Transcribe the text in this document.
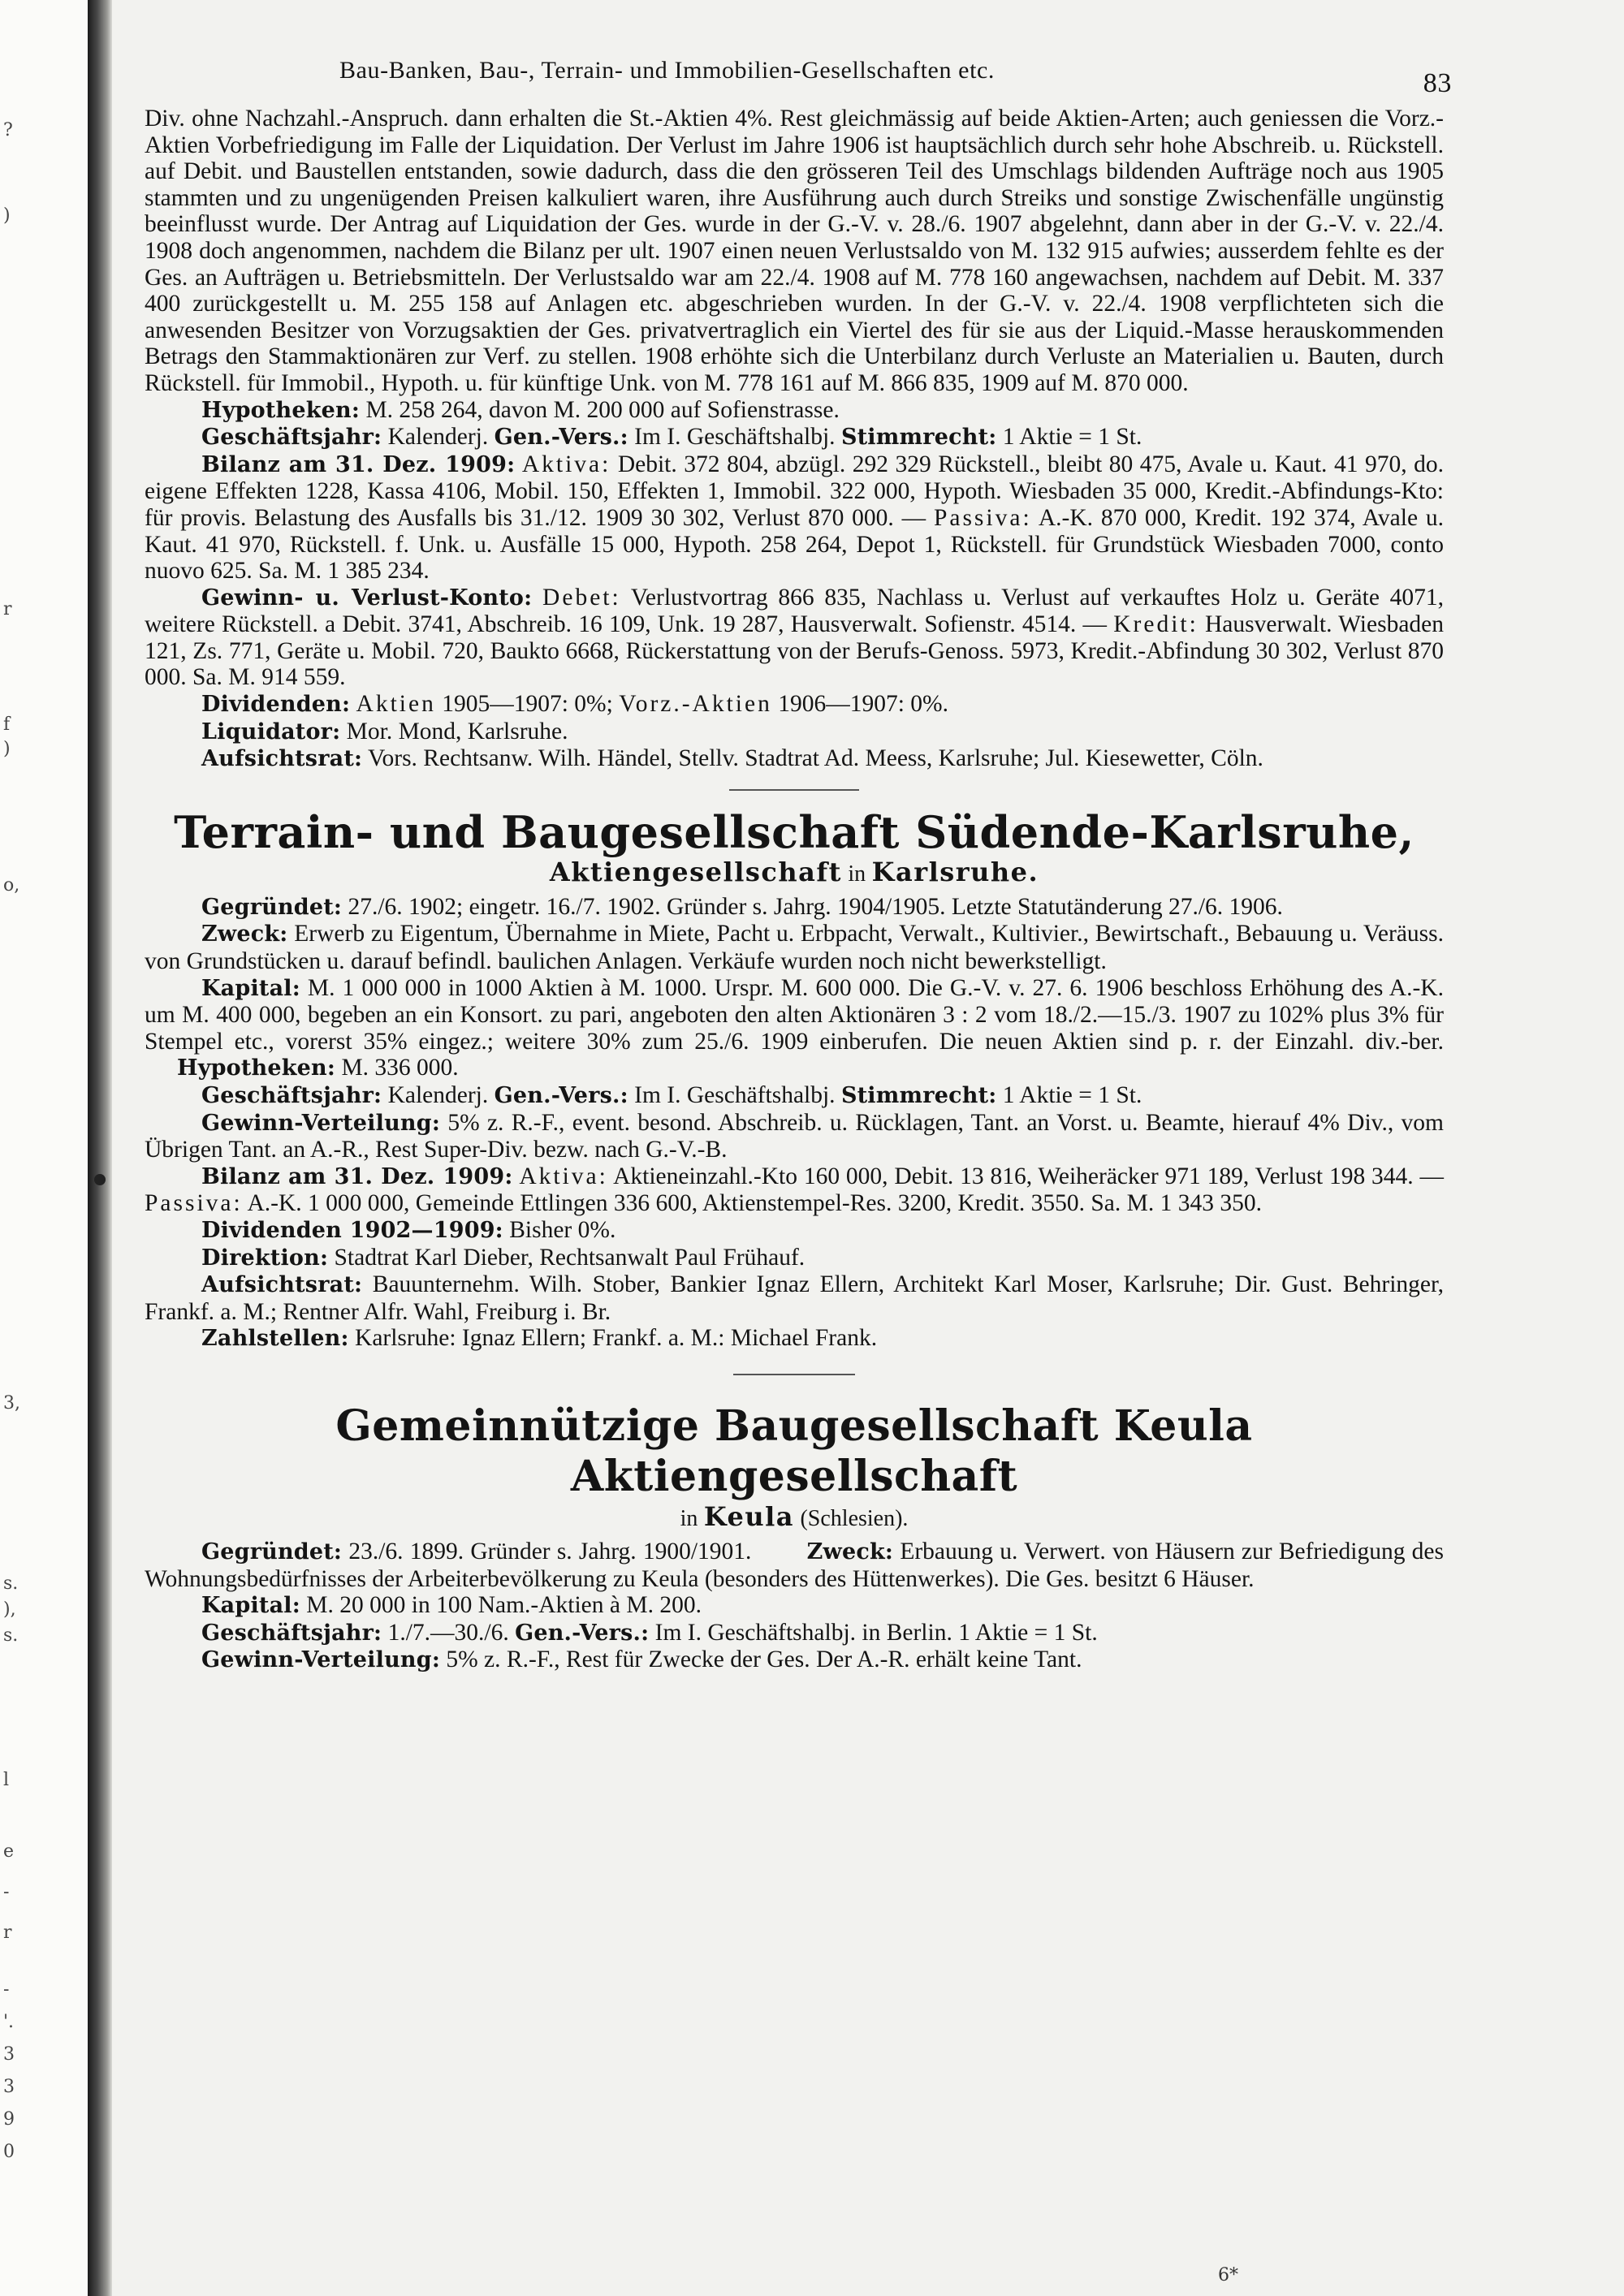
?
)
r
f
)
o,
3,
s.
),
s.
l
e
-
r
-
'.
3
3
9
0
Bau-Banken, Bau-, Terrain- und Immobilien-Gesellschaften etc.	83

Div. ohne Nachzahl.-Anspruch. dann erhalten die St.-Aktien 4%. Rest gleichmässig auf beide Aktien-Arten; auch geniessen die Vorz.-Aktien Vorbefriedigung im Falle der Liquidation. Der Verlust im Jahre 1906 ist hauptsächlich durch sehr hohe Abschreib. u. Rückstell. auf Debit. und Baustellen entstanden, sowie dadurch, dass die den grösseren Teil des Umschlags bildenden Aufträge noch aus 1905 stammten und zu ungenügenden Preisen kalkuliert waren, ihre Ausführung auch durch Streiks und sonstige Zwischenfälle ungünstig beeinflusst wurde. Der Antrag auf Liquidation der Ges. wurde in der G.-V. v. 28./6. 1907 abgelehnt, dann aber in der G.-V. v. 22./4. 1908 doch angenommen, nachdem die Bilanz per ult. 1907 einen neuen Verlustsaldo von M. 132 915 aufwies; ausserdem fehlte es der Ges. an Aufträgen u. Betriebsmitteln. Der Verlustsaldo war am 22./4. 1908 auf M. 778 160 angewachsen, nachdem auf Debit. M. 337 400 zurückgestellt u. M. 255 158 auf Anlagen etc. abgeschrieben wurden. In der G.-V. v. 22./4. 1908 verpflichteten sich die anwesenden Besitzer von Vorzugsaktien der Ges. privatvertraglich ein Viertel des für sie aus der Liquid.-Masse herauskommenden Betrags den Stammaktionären zur Verf. zu stellen. 1908 erhöhte sich die Unterbilanz durch Verluste an Materialien u. Bauten, durch Rückstell. für Immobil., Hypoth. u. für künftige Unk. von M. 778 161 auf M. 866 835, 1909 auf M. 870 000.

Hypotheken: M. 258 264, davon M. 200 000 auf Sofienstrasse.

Geschäftsjahr: Kalenderj. Gen.-Vers.: Im I. Geschäftshalbj. Stimmrecht: 1 Aktie = 1 St.

Bilanz am 31. Dez. 1909: Aktiva: Debit. 372 804, abzügl. 292 329 Rückstell., bleibt 80 475, Avale u. Kaut. 41 970, do. eigene Effekten 1228, Kassa 4106, Mobil. 150, Effekten 1, Immobil. 322 000, Hypoth. Wiesbaden 35 000, Kredit.-Abfindungs-Kto: für provis. Belastung des Ausfalls bis 31./12. 1909 30 302, Verlust 870 000. — Passiva: A.-K. 870 000, Kredit. 192 374, Avale u. Kaut. 41 970, Rückstell. f. Unk. u. Ausfälle 15 000, Hypoth. 258 264, Depot 1, Rückstell. für Grundstück Wiesbaden 7000, conto nuovo 625. Sa. M. 1 385 234.

Gewinn- u. Verlust-Konto: Debet: Verlustvortrag 866 835, Nachlass u. Verlust auf verkauftes Holz u. Geräte 4071, weitere Rückstell. a Debit. 3741, Abschreib. 16 109, Unk. 19 287, Hausverwalt. Sofienstr. 4514. — Kredit: Hausverwalt. Wiesbaden 121, Zs. 771, Geräte u. Mobil. 720, Baukto 6668, Rückerstattung von der Berufs-Genoss. 5973, Kredit.-Abfindung 30 302, Verlust 870 000. Sa. M. 914 559.

Dividenden: Aktien 1905—1907: 0%; Vorz.-Aktien 1906—1907: 0%.

Liquidator: Mor. Mond, Karlsruhe.

Aufsichtsrat: Vors. Rechtsanw. Wilh. Händel, Stellv. Stadtrat Ad. Meess, Karlsruhe; Jul. Kiesewetter, Cöln.

Terrain- und Baugesellschaft Südende-Karlsruhe,
Aktiengesellschaft in Karlsruhe.

Gegründet: 27./6. 1902; eingetr. 16./7. 1902. Gründer s. Jahrg. 1904/1905. Letzte Statutänderung 27./6. 1906.

Zweck: Erwerb zu Eigentum, Übernahme in Miete, Pacht u. Erbpacht, Verwalt., Kultivier., Bewirtschaft., Bebauung u. Veräuss. von Grundstücken u. darauf befindl. baulichen Anlagen. Verkäufe wurden noch nicht bewerkstelligt.

Kapital: M. 1 000 000 in 1000 Aktien à M. 1000. Urspr. M. 600 000. Die G.-V. v. 27. 6. 1906 beschloss Erhöhung des A.-K. um M. 400 000, begeben an ein Konsort. zu pari, angeboten den alten Aktionären 3 : 2 vom 18./2.—15./3. 1907 zu 102% plus 3% für Stempel etc., vorerst 35% eingez.; weitere 30% zum 25./6. 1909 einberufen. Die neuen Aktien sind p. r. der Einzahl. div.-ber. Hypotheken: M. 336 000.

Geschäftsjahr: Kalenderj. Gen.-Vers.: Im I. Geschäftshalbj. Stimmrecht: 1 Aktie = 1 St.

Gewinn-Verteilung: 5% z. R.-F., event. besond. Abschreib. u. Rücklagen, Tant. an Vorst. u. Beamte, hierauf 4% Div., vom Übrigen Tant. an A.-R., Rest Super-Div. bezw. nach G.-V.-B.

Bilanz am 31. Dez. 1909: Aktiva: Aktieneinzahl.-Kto 160 000, Debit. 13 816, Weiheräcker 971 189, Verlust 198 344. — Passiva: A.-K. 1 000 000, Gemeinde Ettlingen 336 600, Aktienstempel-Res. 3200, Kredit. 3550. Sa. M. 1 343 350.

Dividenden 1902—1909: Bisher 0%.

Direktion: Stadtrat Karl Dieber, Rechtsanwalt Paul Frühauf.

Aufsichtsrat: Bauunternehm. Wilh. Stober, Bankier Ignaz Ellern, Architekt Karl Moser, Karlsruhe; Dir. Gust. Behringer, Frankf. a. M.; Rentner Alfr. Wahl, Freiburg i. Br.

Zahlstellen: Karlsruhe: Ignaz Ellern; Frankf. a. M.: Michael Frank.

Gemeinnützige Baugesellschaft Keula Aktiengesellschaft
in Keula (Schlesien).

Gegründet: 23./6. 1899. Gründer s. Jahrg. 1900/1901.	Zweck: Erbauung u. Verwert. von Häusern zur Befriedigung des Wohnungsbedürfnisses der Arbeiterbevölkerung zu Keula (besonders des Hüttenwerkes). Die Ges. besitzt 6 Häuser.

Kapital: M. 20 000 in 100 Nam.-Aktien à M. 200.

Geschäftsjahr: 1./7.—30./6. Gen.-Vers.: Im I. Geschäftshalbj. in Berlin. 1 Aktie = 1 St.

Gewinn-Verteilung: 5% z. R.-F., Rest für Zwecke der Ges. Der A.-R. erhält keine Tant.

6*
